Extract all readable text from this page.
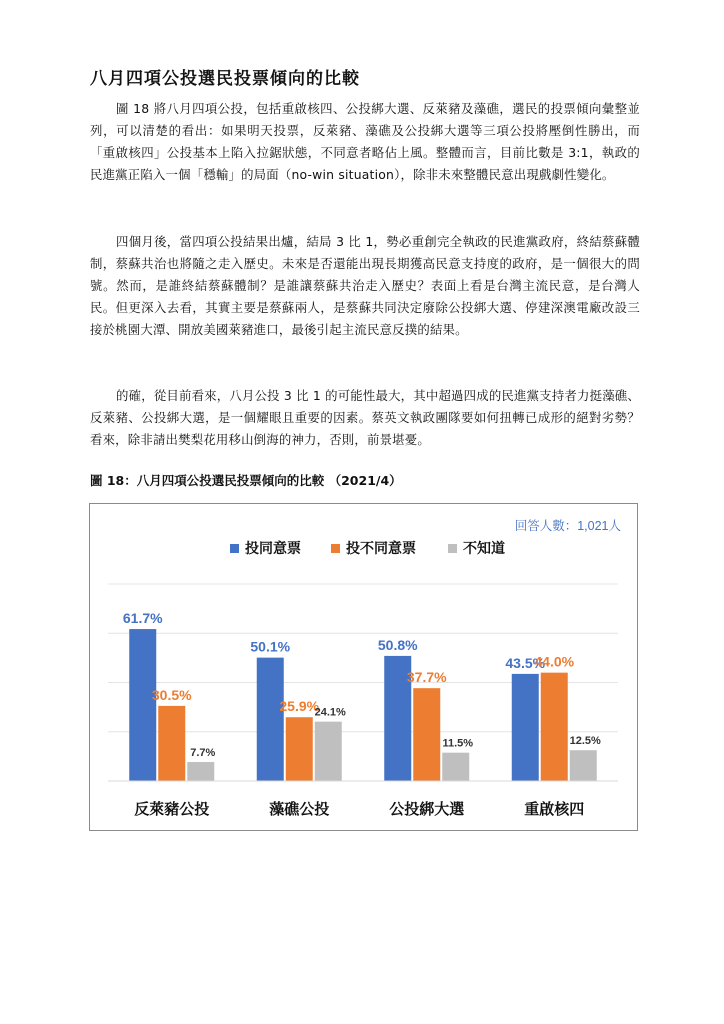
八月四項公投選民投票傾向的比較

圖 18 將八月四項公投，包括重啟核四、公投綁大選、反萊豬及藻礁，選民的投票傾向彙整並列，可以清楚的看出：如果明天投票，反萊豬、藻礁及公投綁大選等三項公投將壓倒性勝出，而「重啟核四」公投基本上陷入拉鋸狀態，不同意者略佔上風。整體而言，目前比數是 3:1，執政的民進黨正陷入一個「穩輸」的局面（no-win situation），除非未來整體民意出現戲劇性變化。

四個月後，當四項公投結果出爐，結局 3 比 1，勢必重創完全執政的民進黨政府，終結蔡蘇體制，蔡蘇共治也將隨之走入歷史。未來是否還能出現長期獲高民意支持度的政府，是一個很大的問號。然而，是誰終結蔡蘇體制？是誰讓蔡蘇共治走入歷史？表面上看是台灣主流民意，是台灣人民。但更深入去看，其實主要是蔡蘇兩人，是蔡蘇共同決定廢除公投綁大選、停建深澳電廠改設三接於桃園大潭、開放美國萊豬進口，最後引起主流民意反撲的結果。

的確，從目前看來，八月公投 3 比 1 的可能性最大，其中超過四成的民進黨支持者力挺藻礁、反萊豬、公投綁大選，是一個耀眼且重要的因素。蔡英文執政團隊要如何扭轉已成形的絕對劣勢？看來，除非請出樊梨花用移山倒海的神力，否則，前景堪憂。

圖 18：八月四項公投選民投票傾向的比較 （2021/4）
回答人數：1,021人
投同意票	投不同意票	不知道
61.7%
30.5%
7.7%
反萊豬公投
50.1%
25.9%
24.1%
藻礁公投
50.8%
37.7%
11.5%
公投綁大選
43.5%
44.0%
12.5%
重啟核四
